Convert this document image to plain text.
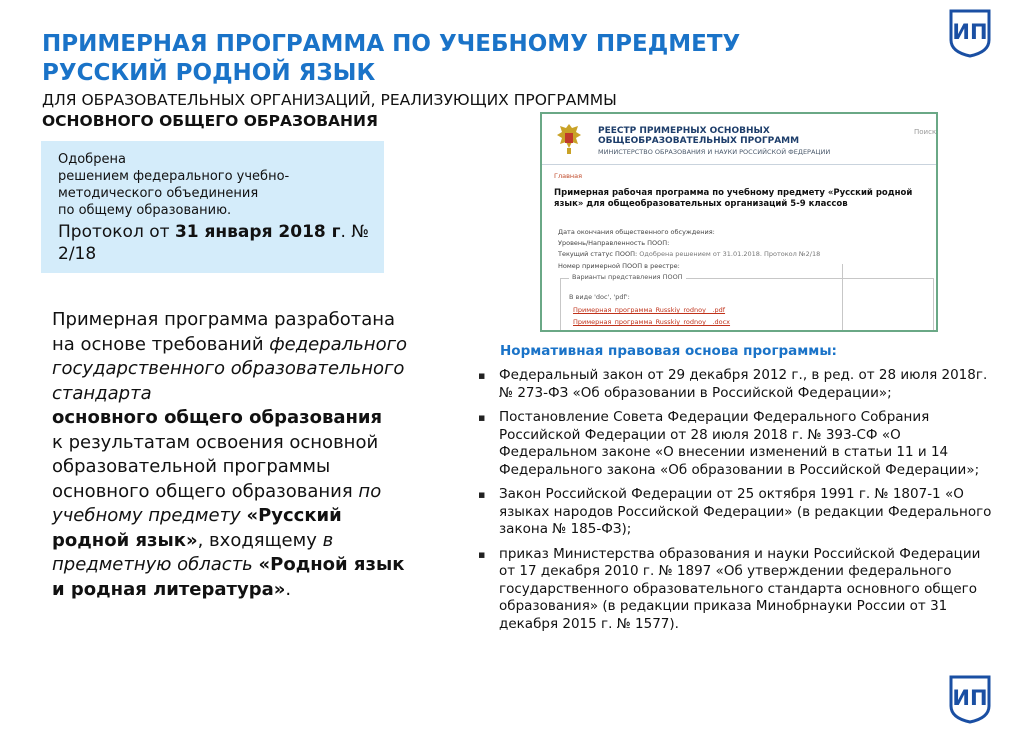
ПРИМЕРНАЯ ПРОГРАММА ПО УЧЕБНОМУ ПРЕДМЕТУ
РУССКИЙ РОДНОЙ ЯЗЫК
ДЛЯ ОБРАЗОВАТЕЛЬНЫХ ОРГАНИЗАЦИЙ, РЕАЛИЗУЮЩИХ ПРОГРАММЫ
ОСНОВНОГО ОБЩЕГО ОБРАЗОВАНИЯ
ИП
ИП
Одобрена
решением федерального учебно-
методического объединения
по общему образованию.
Протокол от 31 января 2018 г. №
2/18
Примерная программа разработана на основе требований федерального государственного образовательного стандарта
основного общего образования
к результатам освоения основной образовательной программы основного общего образования по учебному предмету «Русский родной язык», входящему в предметную область «Родной язык и родная литература».
РЕЕСТР ПРИМЕРНЫХ ОСНОВНЫХ
ОБЩЕОБРАЗОВАТЕЛЬНЫХ ПРОГРАММ
МИНИСТЕРСТВО ОБРАЗОВАНИЯ И НАУКИ РОССИЙСКОЙ ФЕДЕРАЦИИ
Поиск
Главная
Примерная рабочая программа по учебному предмету «Русский родной язык» для общеобразовательных организаций 5-9 классов
Дата окончания общественного обсуждения:
Уровень/Направленность ПООП:
Текущий статус ПООП: Одобрена решением от 31.01.2018. Протокол №2/18
Номер примерной ПООП в реестре:
Варианты представления ПООП
В виде 'doc', 'pdf':
Примерная_программа_Russkiy_rodnoy__.pdf
Примерная_программа_Russkiy_rodnoy__.docx
Нормативная правовая основа программы:
▪ Федеральный закон от 29 декабря 2012 г., в ред. от 28 июля 2018г. № 273-ФЗ «Об образовании в Российской Федерации»;
▪ Постановление Совета Федерации Федерального Собрания Российской Федерации от 28 июля 2018 г. № 393-СФ «О Федеральном законе «О внесении изменений в статьи 11 и 14 Федерального закона «Об образовании в Российской Федерации»;
▪ Закон Российской Федерации от 25 октября 1991 г. № 1807-1 «О языках народов Российской Федерации» (в редакции Федерального закона № 185-ФЗ);
▪ приказ Министерства образования и науки Российской Федерации от 17 декабря 2010 г. № 1897 «Об утверждении федерального государственного образовательного стандарта основного общего образования» (в редакции приказа Минобрнауки России от 31 декабря 2015 г. № 1577).
